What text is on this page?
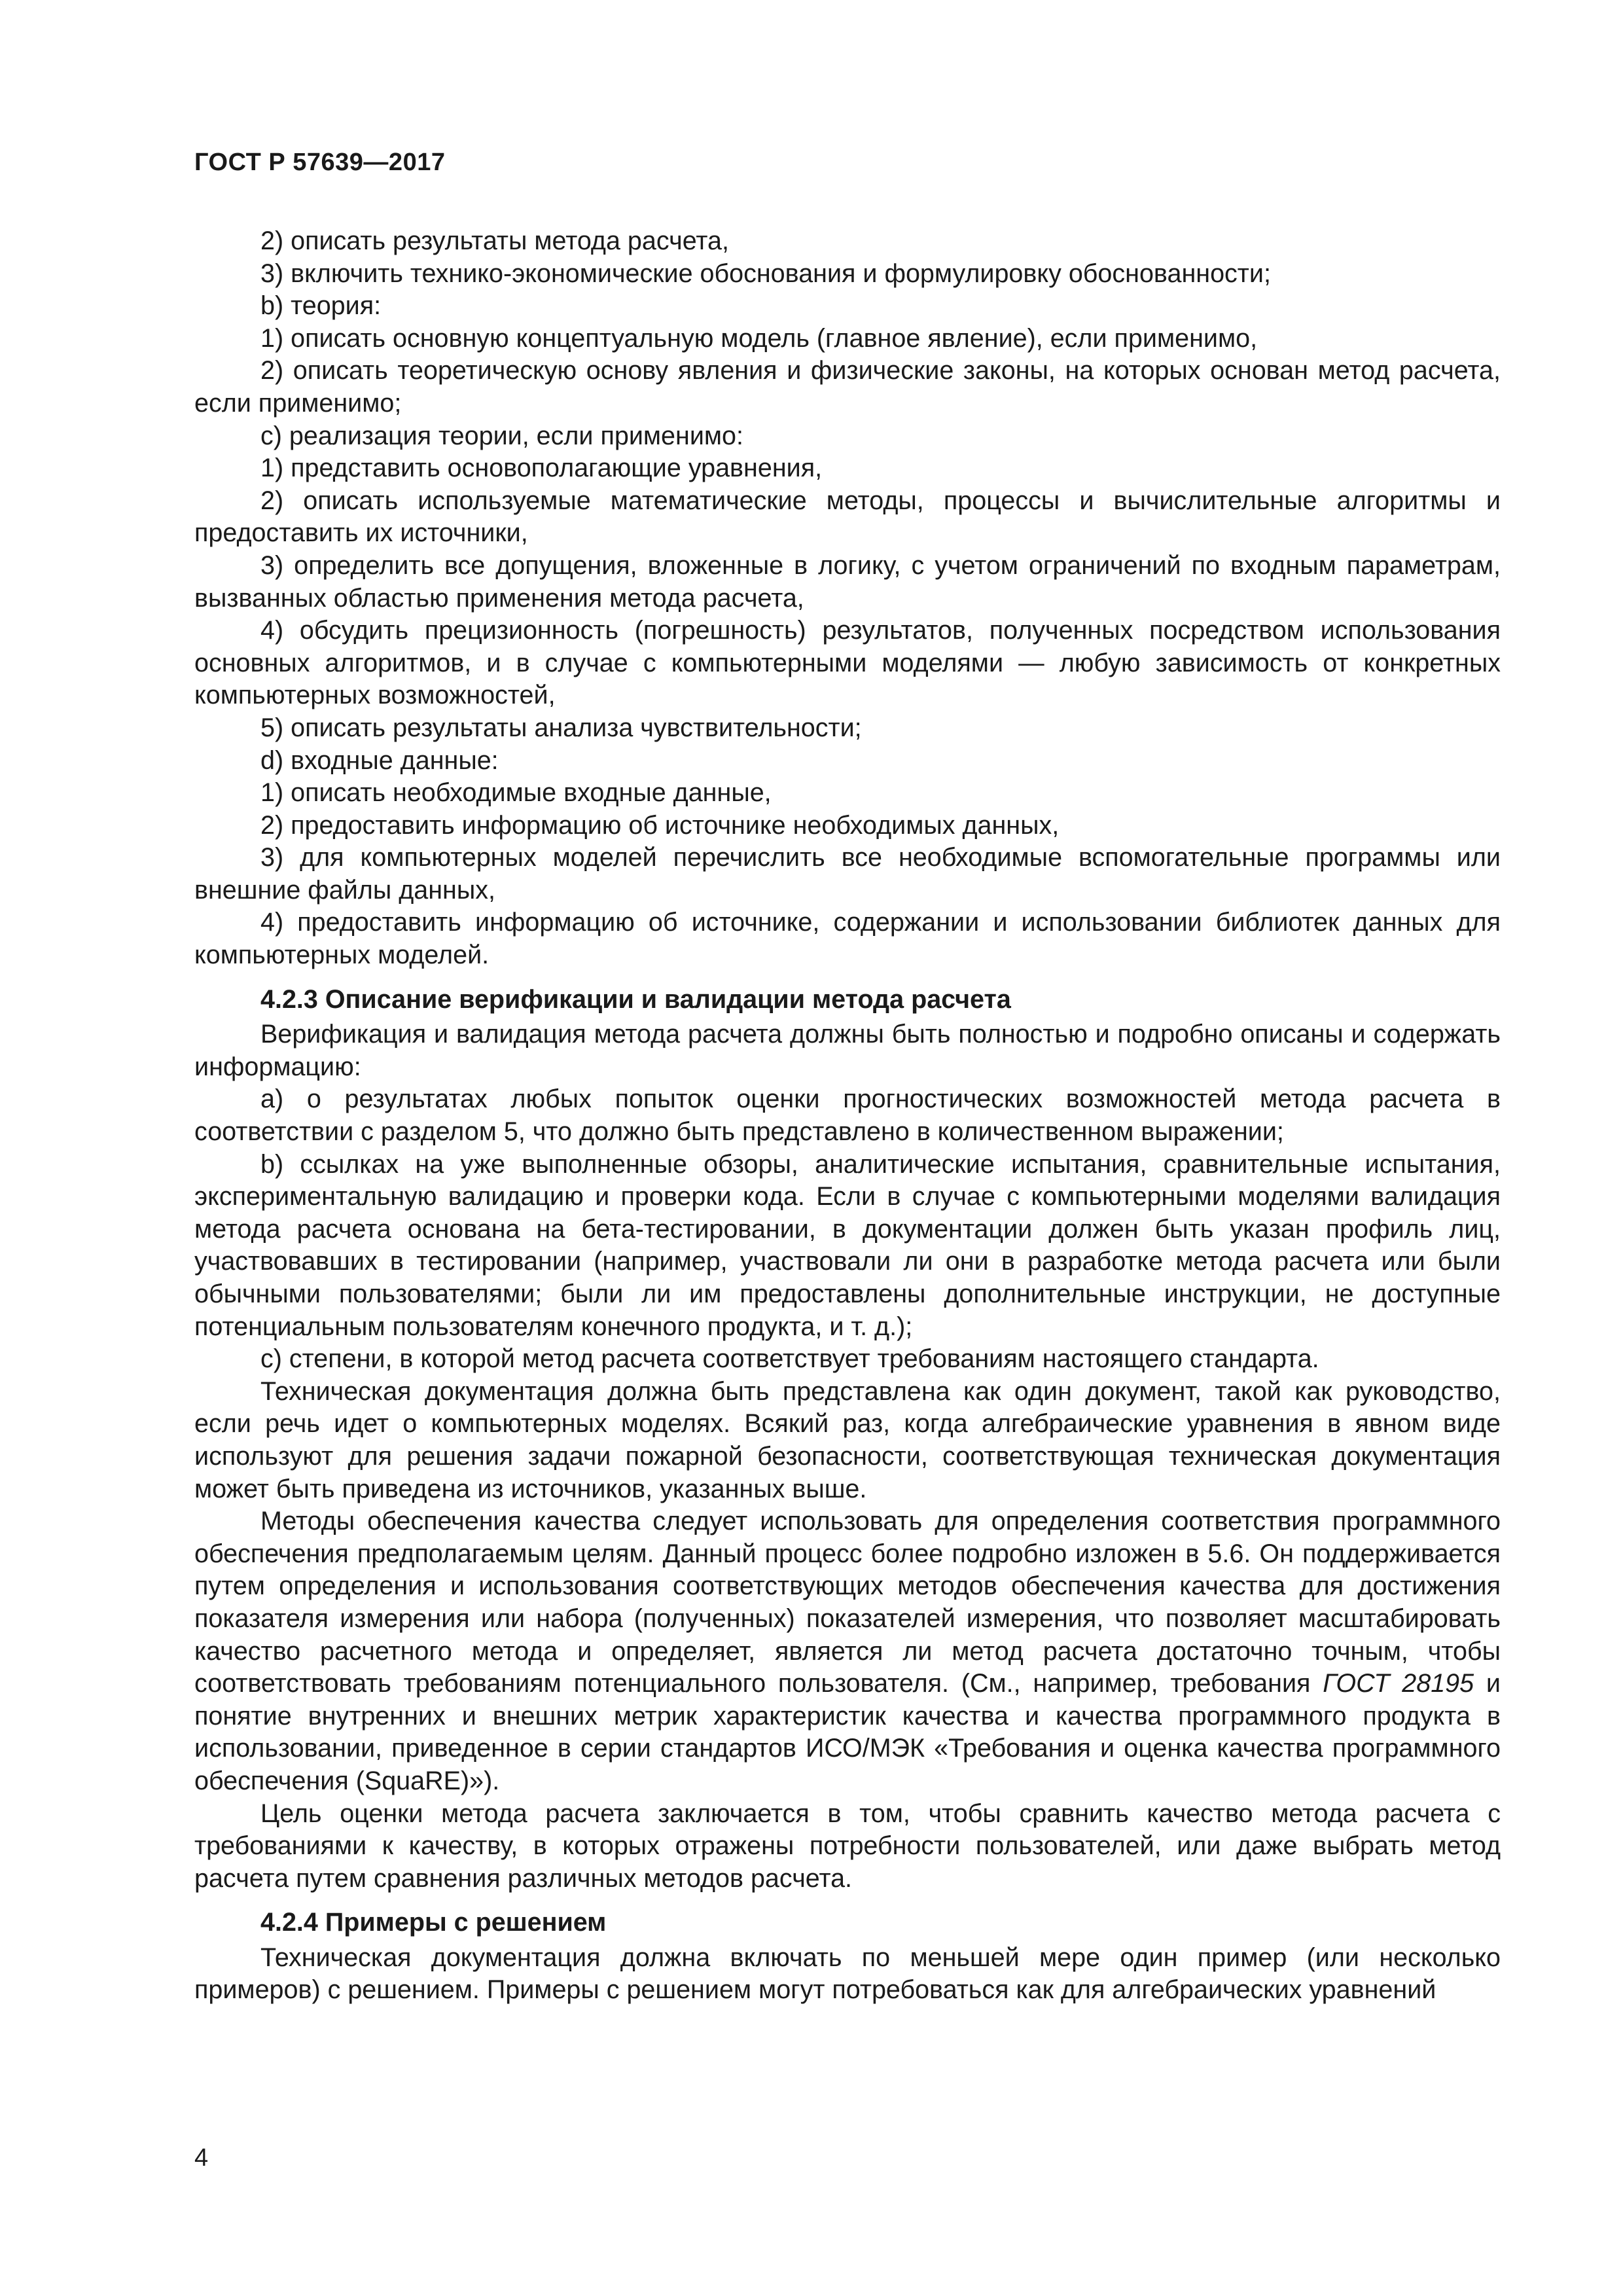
ГОСТ Р 57639—2017

2) описать результаты метода расчета,

3) включить технико-экономические обоснования и формулировку обоснованности;

b) теория:

1) описать основную концептуальную модель (главное явление), если применимо,

2) описать теоретическую основу явления и физические законы, на которых основан метод расчета, если применимо;

c) реализация теории, если применимо:

1) представить основополагающие уравнения,

2) описать используемые математические методы, процессы и вычислительные алгоритмы и предоставить их источники,

3) определить все допущения, вложенные в логику, с учетом ограничений по входным параметрам, вызванных областью применения метода расчета,

4) обсудить прецизионность (погрешность) результатов, полученных посредством использования основных алгоритмов, и в случае с компьютерными моделями — любую зависимость от конкретных компьютерных возможностей,

5) описать результаты анализа чувствительности;

d) входные данные:

1) описать необходимые входные данные,

2) предоставить информацию об источнике необходимых данных,

3) для компьютерных моделей перечислить все необходимые вспомогательные программы или внешние файлы данных,

4) предоставить информацию об источнике, содержании и использовании библиотек данных для компьютерных моделей.

4.2.3 Описание верификации и валидации метода расчета

Верификация и валидация метода расчета должны быть полностью и подробно описаны и содержать информацию:

a) о результатах любых попыток оценки прогностических возможностей метода расчета в соответствии с разделом 5, что должно быть представлено в количественном выражении;

b) ссылках на уже выполненные обзоры, аналитические испытания, сравнительные испытания, экспериментальную валидацию и проверки кода. Если в случае с компьютерными моделями валидация метода расчета основана на бета-тестировании, в документации должен быть указан профиль лиц, участвовавших в тестировании (например, участвовали ли они в разработке метода расчета или были обычными пользователями; были ли им предоставлены дополнительные инструкции, не доступные потенциальным пользователям конечного продукта, и т. д.);

c) степени, в которой метод расчета соответствует требованиям настоящего стандарта.

Техническая документация должна быть представлена как один документ, такой как руководство, если речь идет о компьютерных моделях. Всякий раз, когда алгебраические уравнения в явном виде используют для решения задачи пожарной безопасности, соответствующая техническая документация может быть приведена из источников, указанных выше.

Методы обеспечения качества следует использовать для определения соответствия программного обеспечения предполагаемым целям. Данный процесс более подробно изложен в 5.6. Он поддерживается путем определения и использования соответствующих методов обеспечения качества для достижения показателя измерения или набора (полученных) показателей измерения, что позволяет масштабировать качество расчетного метода и определяет, является ли метод расчета достаточно точным, чтобы соответствовать требованиям потенциального пользователя. (См., например, требования ГОСТ 28195 и понятие внутренних и внешних метрик характеристик качества и качества программного продукта в использовании, приведенное в серии стандартов ИСО/МЭК «Требования и оценка качества программного обеспечения (SquaRE)»).

Цель оценки метода расчета заключается в том, чтобы сравнить качество метода расчета с требованиями к качеству, в которых отражены потребности пользователей, или даже выбрать метод расчета путем сравнения различных методов расчета.

4.2.4 Примеры с решением

Техническая документация должна включать по меньшей мере один пример (или несколько примеров) с решением. Примеры с решением могут потребоваться как для алгебраических уравнений

4
